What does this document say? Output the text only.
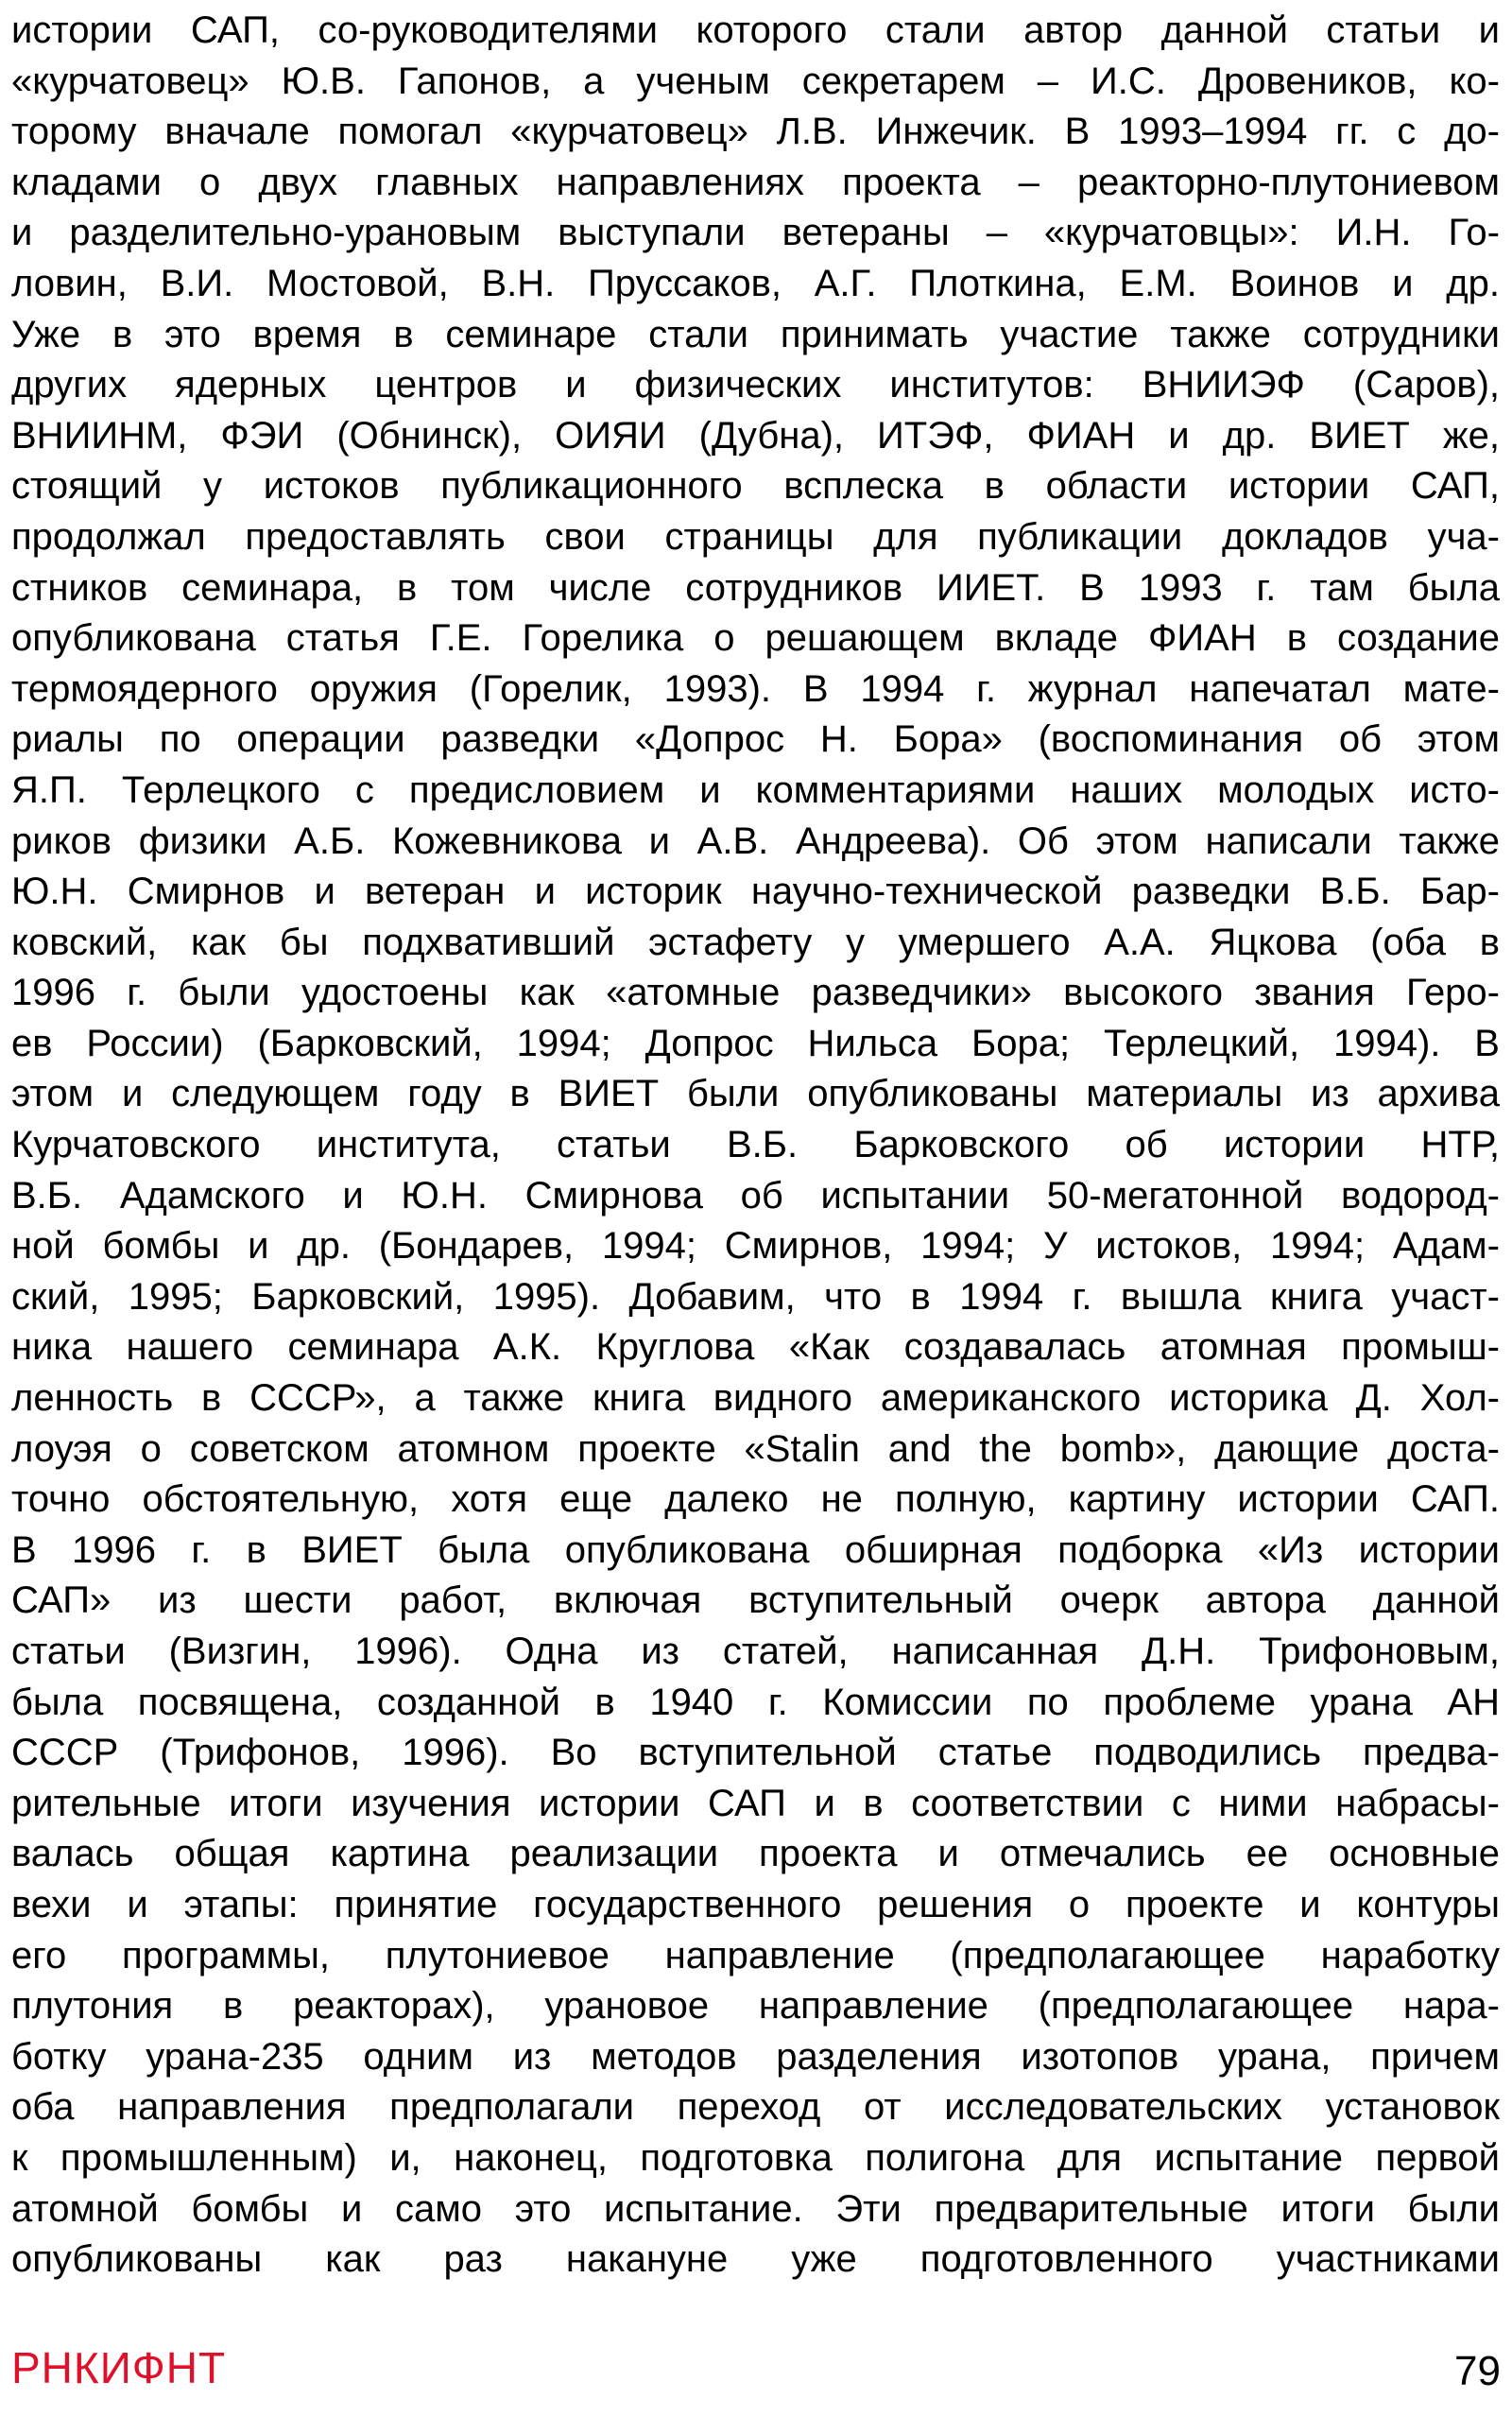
истории САП, со-руководителями которого стали автор данной статьи и
«курчатовец» Ю.В. Гапонов, а ученым секретарем – И.С. Дровеников, ко-
торому вначале помогал «курчатовец» Л.В. Инжечик. В 1993–1994 гг. с до-
кладами о двух главных направлениях проекта – реакторно-плутониевом
и разделительно-урановым выступали ветераны – «курчатовцы»: И.Н. Го-
ловин, В.И. Мостовой, В.Н. Пруссаков, А.Г. Плоткина, Е.М. Воинов и др.
Уже в это время в семинаре стали принимать участие также сотрудники
других ядерных центров и физических институтов: ВНИИЭФ (Саров),
ВНИИНМ, ФЭИ (Обнинск), ОИЯИ (Дубна), ИТЭФ, ФИАН и др. ВИЕТ же,
стоящий у истоков публикационного всплеска в области истории САП,
продолжал предоставлять свои страницы для публикации докладов уча-
стников семинара, в том числе сотрудников ИИЕТ. В 1993 г. там была
опубликована статья Г.Е. Горелика о решающем вкладе ФИАН в создание
термоядерного оружия (Горелик, 1993). В 1994 г. журнал напечатал мате-
риалы по операции разведки «Допрос Н. Бора» (воспоминания об этом
Я.П. Терлецкого с предисловием и комментариями наших молодых исто-
риков физики А.Б. Кожевникова и А.В. Андреева). Об этом написали также
Ю.Н. Смирнов и ветеран и историк научно-технической разведки В.Б. Бар-
ковский, как бы подхвативший эстафету у умершего А.А. Яцкова (оба в
1996 г. были удостоены как «атомные разведчики» высокого звания Геро-
ев России) (Барковский, 1994; Допрос Нильса Бора; Терлецкий, 1994). В
этом и следующем году в ВИЕТ были опубликованы материалы из архива
Курчатовского института, статьи В.Б. Барковского об истории НТР,
В.Б. Адамского и Ю.Н. Смирнова об испытании 50-мегатонной водород-
ной бомбы и др. (Бондарев, 1994; Смирнов, 1994; У истоков, 1994; Адам-
ский, 1995; Барковский, 1995). Добавим, что в 1994 г. вышла книга участ-
ника нашего семинара А.К. Круглова «Как создавалась атомная промыш-
ленность в СССР», а также книга видного американского историка Д. Хол-
лоуэя о советском атомном проекте «Stalin and the bomb», дающие доста-
точно обстоятельную, хотя еще далеко не полную, картину истории САП.
В 1996 г. в ВИЕТ была опубликована обширная подборка «Из истории
САП» из шести работ, включая вступительный очерк автора данной
статьи (Визгин, 1996). Одна из статей, написанная Д.Н. Трифоновым,
была посвящена, созданной в 1940 г. Комиссии по проблеме урана АН
СССР (Трифонов, 1996). Во вступительной статье подводились предва-
рительные итоги изучения истории САП и в соответствии с ними набрасы-
валась общая картина реализации проекта и отмечались ее основные
вехи и этапы: принятие государственного решения о проекте и контуры
его программы, плутониевое направление (предполагающее наработку
плутония в реакторах), урановое направление (предполагающее нара-
ботку урана-235 одним из методов разделения изотопов урана, причем
оба направления предполагали переход от исследовательских установок
к промышленным) и, наконец, подготовка полигона для испытание первой
атомной бомбы и само это испытание. Эти предварительные итоги были
опубликованы как раз накануне уже подготовленного участниками
РНКИФНТ	79
